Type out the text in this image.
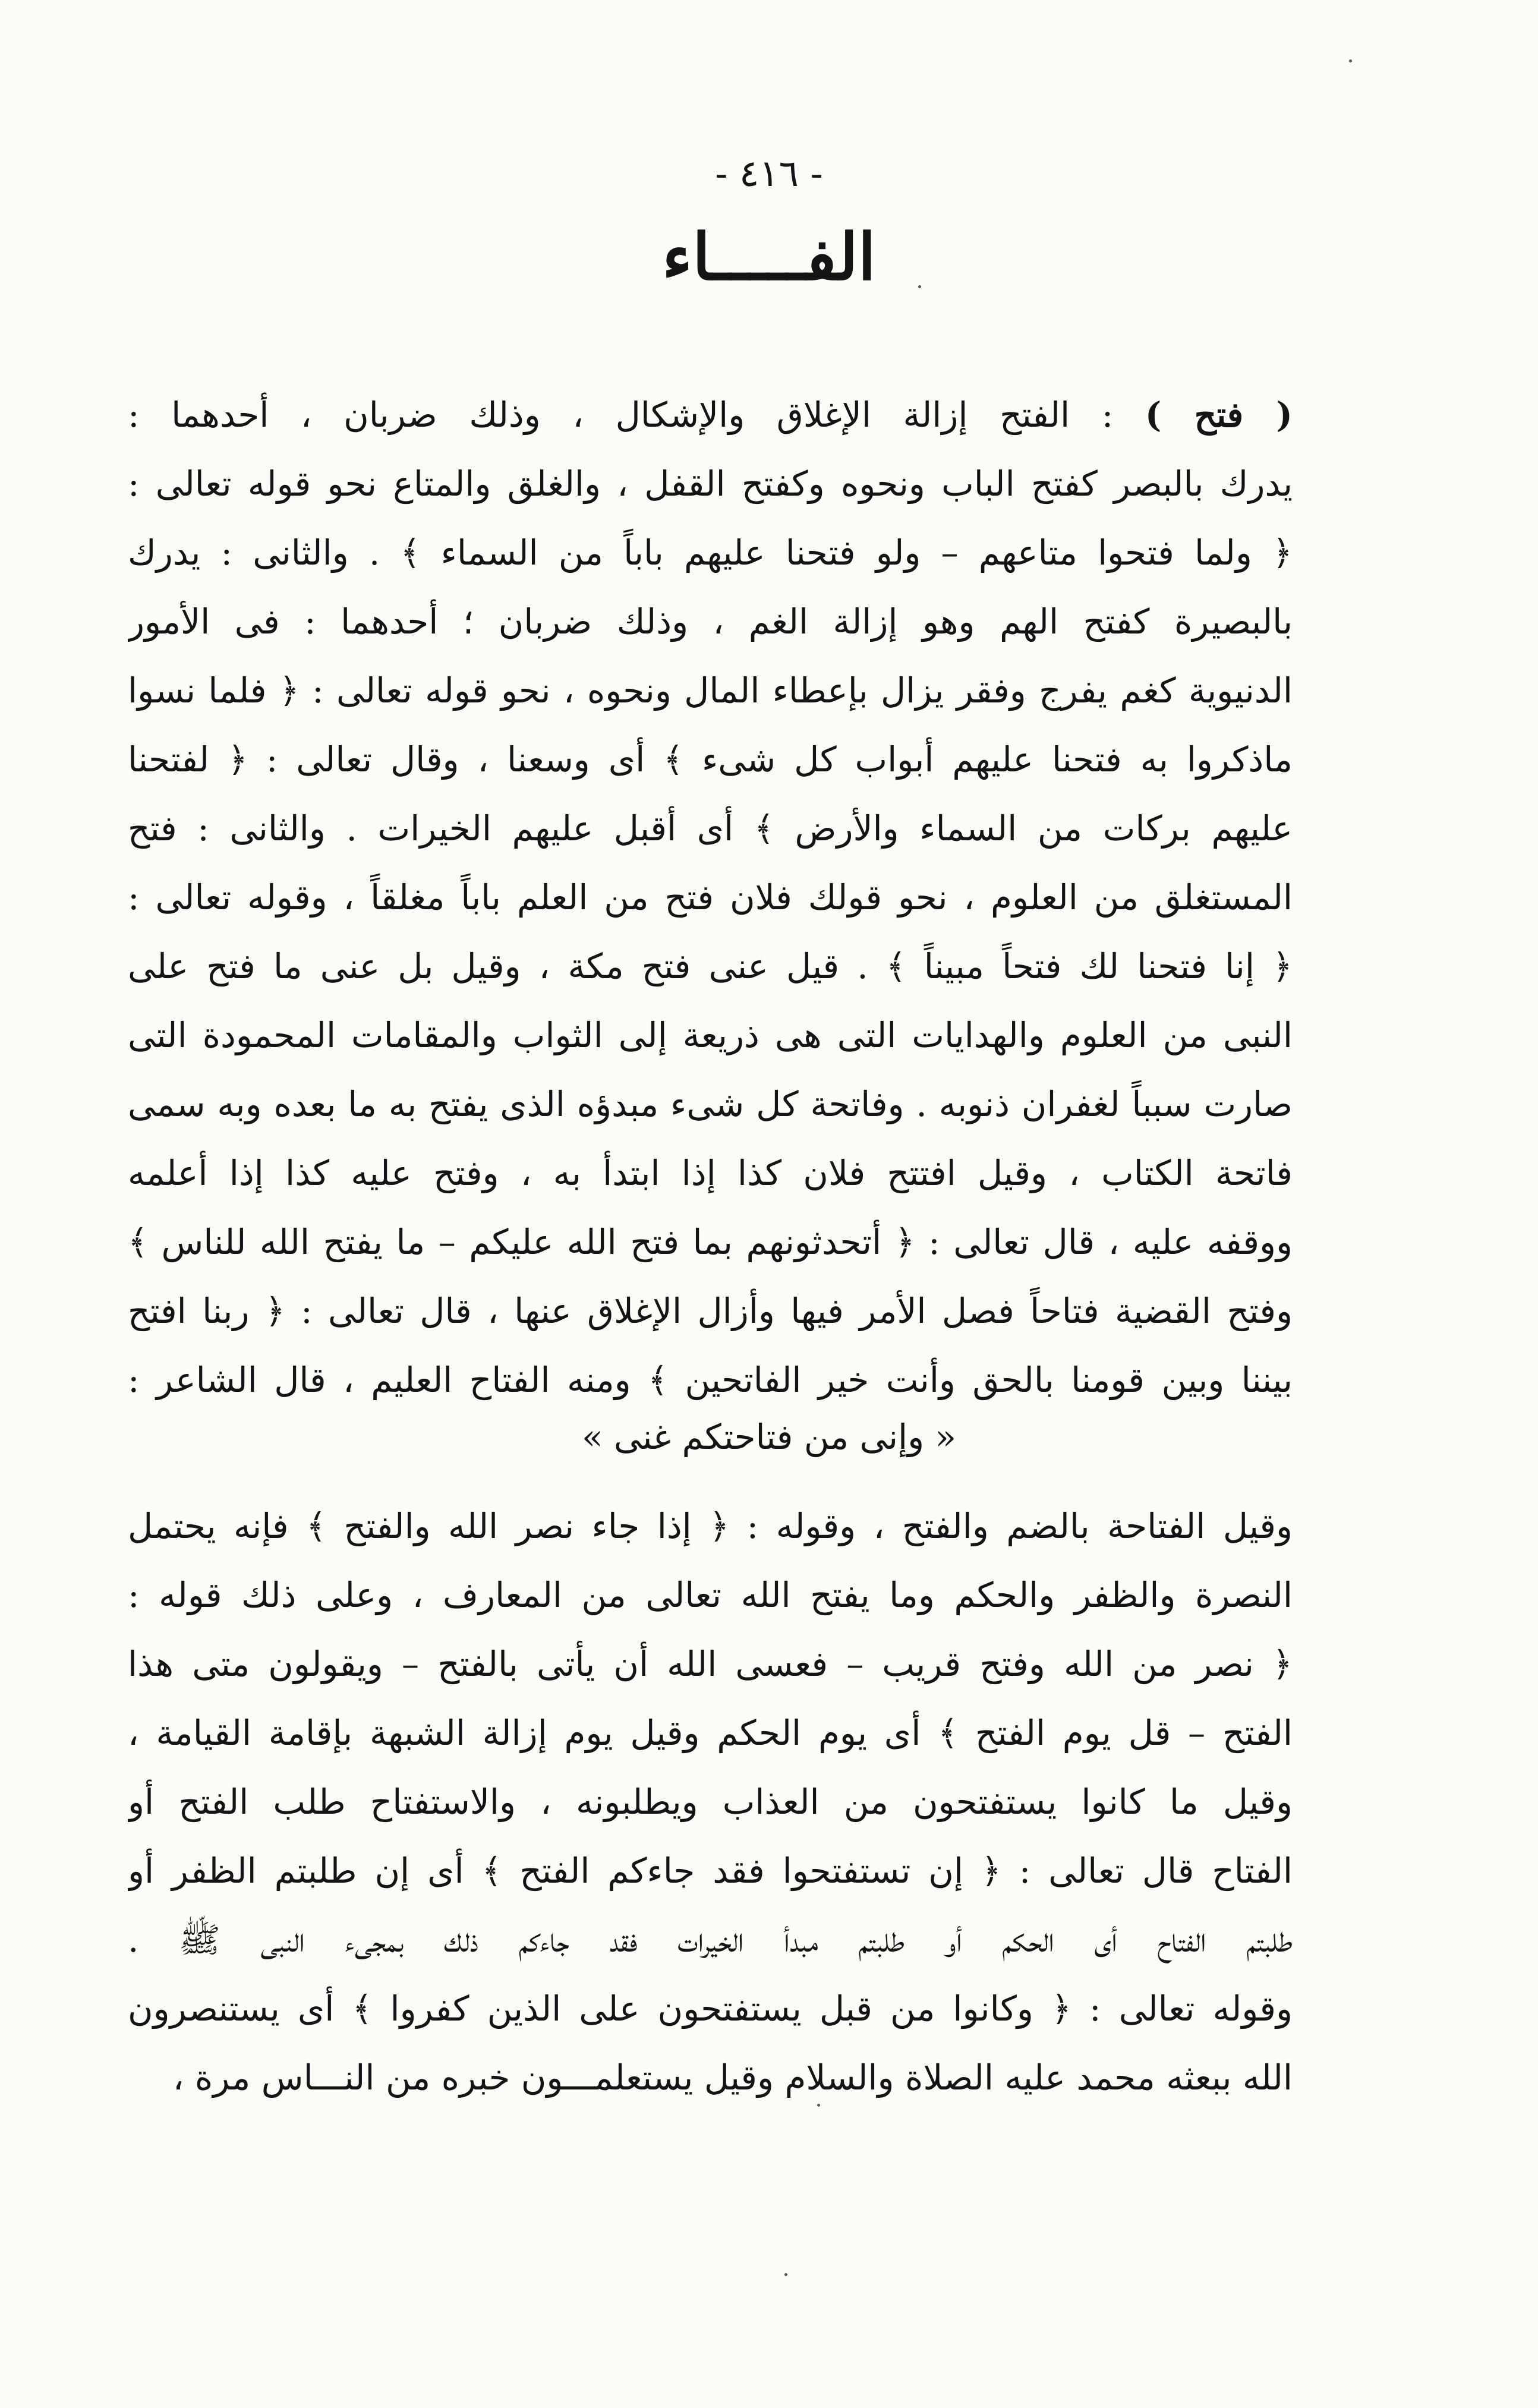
- ٤١٦ -
الفـــــاء
( فتح ) : الفتح إزالة الإغلاق والإشكال ، وذلك ضربان ، أحدهما :
يدرك بالبصر كفتح الباب ونحوه وكفتح القفل ، والغلق والمتاع نحو قوله تعالى :
﴿ ولما فتحوا متاعهم – ولو فتحنا عليهم باباً من السماء ﴾ . والثانى : يدرك
بالبصيرة كفتح الهم وهو إزالة الغم ، وذلك ضربان ؛ أحدهما : فى الأمور
الدنيوية كغم يفرج وفقر يزال بإعطاء المال ونحوه ، نحو قوله تعالى : ﴿ فلما نسوا
ماذكروا به فتحنا عليهم أبواب كل شىء ﴾ أى وسعنا ، وقال تعالى : ﴿ لفتحنا
عليهم بركات من السماء والأرض ﴾ أى أقبل عليهم الخيرات . والثانى : فتح
المستغلق من العلوم ، نحو قولك فلان فتح من العلم باباً مغلقاً ، وقوله تعالى :
﴿ إنا فتحنا لك فتحاً مبيناً ﴾ . قيل عنى فتح مكة ، وقيل بل عنى ما فتح على
النبى من العلوم والهدايات التى هى ذريعة إلى الثواب والمقامات المحمودة التى
صارت سبباً لغفران ذنوبه . وفاتحة كل شىء مبدؤه الذى يفتح به ما بعده وبه سمى
فاتحة الكتاب ، وقيل افتتح فلان كذا إذا ابتدأ به ، وفتح عليه كذا إذا أعلمه
ووقفه عليه ، قال تعالى : ﴿ أتحدثونهم بما فتح الله عليكم – ما يفتح الله للناس ﴾
وفتح القضية فتاحاً فصل الأمر فيها وأزال الإغلاق عنها ، قال تعالى : ﴿ ربنا افتح
بيننا وبين قومنا بالحق وأنت خير الفاتحين ﴾ ومنه الفتاح العليم ، قال الشاعر :
« وإنى من فتاحتكم غنى »
وقيل الفتاحة بالضم والفتح ، وقوله : ﴿ إذا جاء نصر الله والفتح ﴾ فإنه يحتمل
النصرة والظفر والحكم وما يفتح الله تعالى من المعارف ، وعلى ذلك قوله :
﴿ نصر من الله وفتح قريب – فعسى الله أن يأتى بالفتح – ويقولون متى هذا
الفتح – قل يوم الفتح ﴾ أى يوم الحكم وقيل يوم إزالة الشبهة بإقامة القيامة ،
وقيل ما كانوا يستفتحون من العذاب ويطلبونه ، والاستفتاح طلب الفتح أو
الفتاح قال تعالى : ﴿ إن تستفتحوا فقد جاءكم الفتح ﴾ أى إن طلبتم الظفر أو
طلبتم الفتاح أى الحكم أو طلبتم مبدأ الخيرات فقد جاءكم ذلك بمجىء النبى ﷺ .
وقوله تعالى : ﴿ وكانوا من قبل يستفتحون على الذين كفروا ﴾ أى يستنصرون
الله ببعثه محمد عليه الصلاة والسلام وقيل يستعلمـــون خبره من النـــاس مرة ،
